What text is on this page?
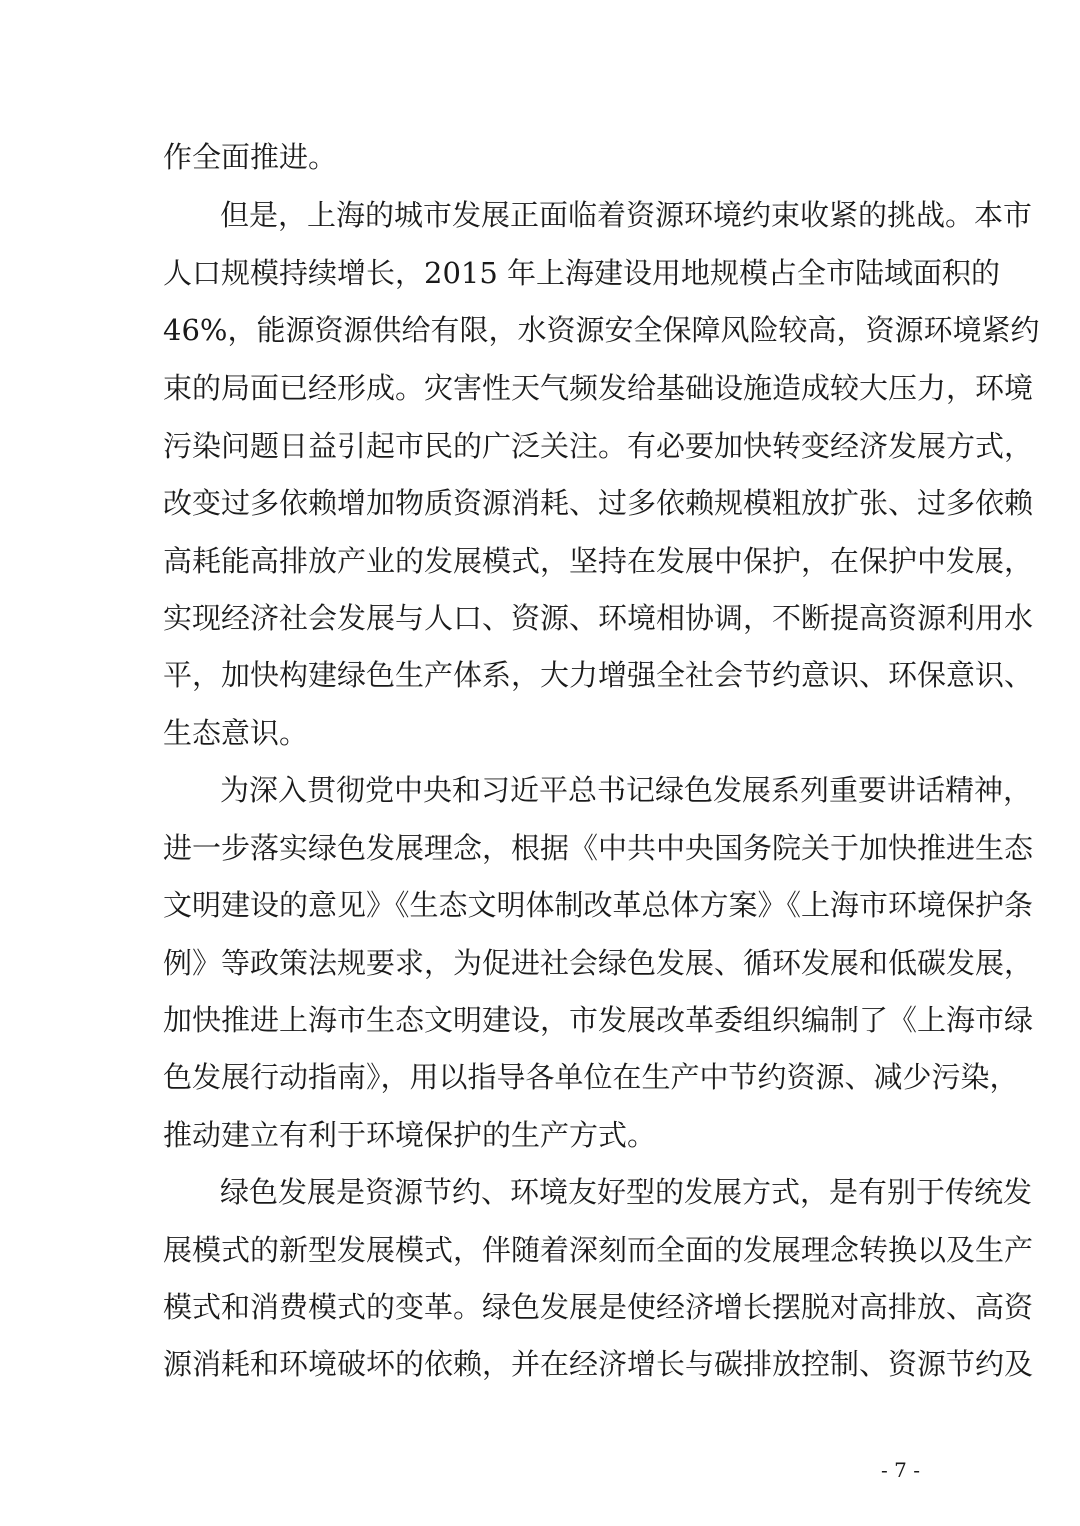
作全面推进。
但是，上海的城市发展正面临着资源环境约束收紧的挑战。本市
人口规模持续增长，2015 年上海建设用地规模占全市陆域面积的
46%，能源资源供给有限，水资源安全保障风险较高，资源环境紧约
束的局面已经形成。灾害性天气频发给基础设施造成较大压力，环境
污染问题日益引起市民的广泛关注。有必要加快转变经济发展方式，
改变过多依赖增加物质资源消耗、过多依赖规模粗放扩张、过多依赖
高耗能高排放产业的发展模式，坚持在发展中保护，在保护中发展，
实现经济社会发展与人口、资源、环境相协调，不断提高资源利用水
平，加快构建绿色生产体系，大力增强全社会节约意识、环保意识、
生态意识。
为深入贯彻党中央和习近平总书记绿色发展系列重要讲话精神，
进一步落实绿色发展理念，根据《中共中央国务院关于加快推进生态
文明建设的意见》《生态文明体制改革总体方案》《上海市环境保护条
例》等政策法规要求，为促进社会绿色发展、循环发展和低碳发展，
加快推进上海市生态文明建设，市发展改革委组织编制了《上海市绿
色发展行动指南》，用以指导各单位在生产中节约资源、减少污染，
推动建立有利于环境保护的生产方式。
绿色发展是资源节约、环境友好型的发展方式，是有别于传统发
展模式的新型发展模式，伴随着深刻而全面的发展理念转换以及生产
模式和消费模式的变革。绿色发展是使经济增长摆脱对高排放、高资
源消耗和环境破坏的依赖，并在经济增长与碳排放控制、资源节约及
- 7 -
